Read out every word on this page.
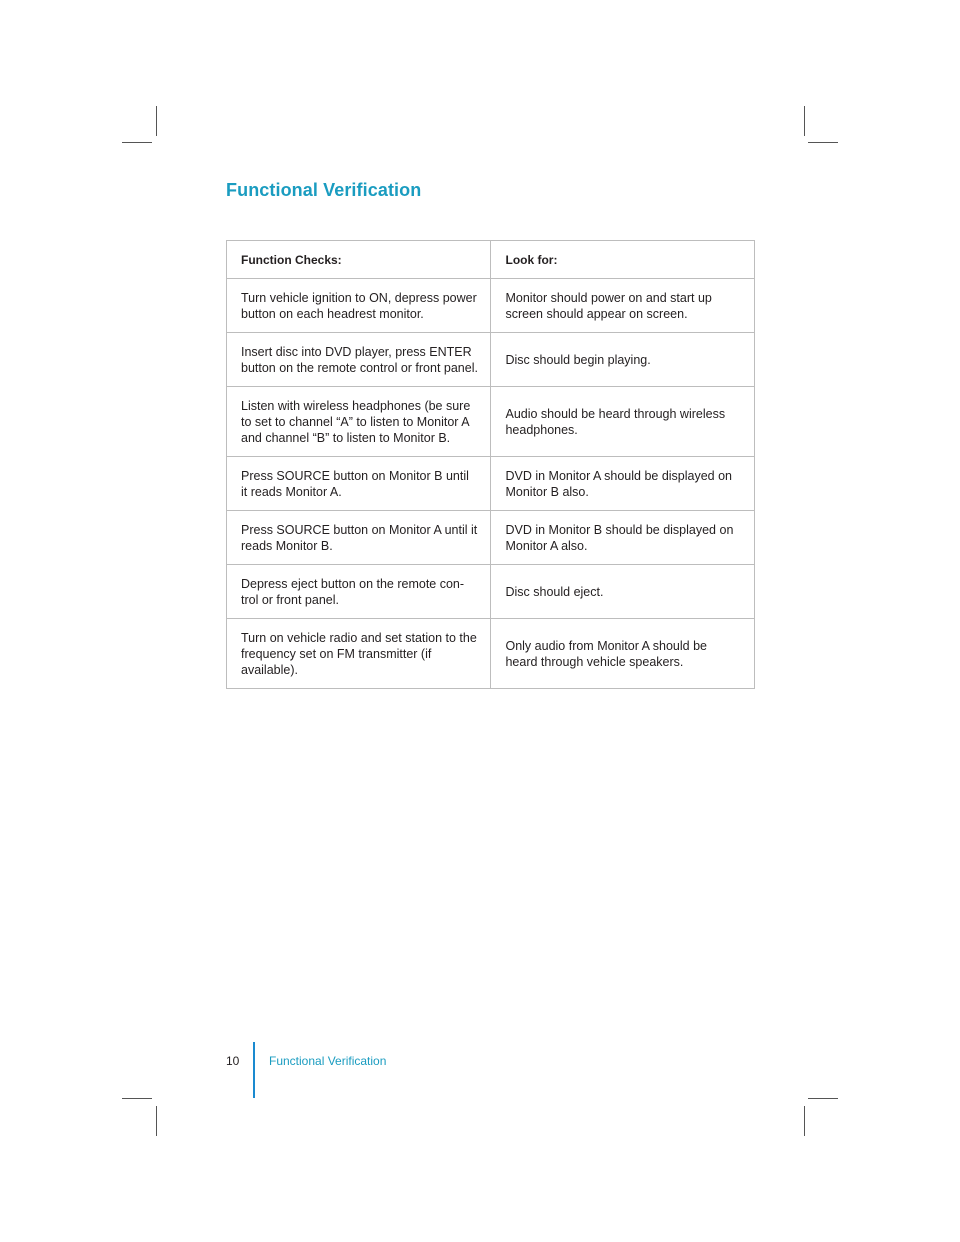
Functional Verification
Function Checks:	Look for:
Turn vehicle ignition to ON, depress power button on each headrest monitor.	Monitor should power on and start up screen should appear on screen.
Insert disc into DVD player, press ENTER button on the remote control or front panel.	Disc should begin playing.
Listen with wireless headphones (be sure to set to channel “A” to listen to Monitor A and channel “B” to listen to Monitor B.	Audio should be heard through wireless headphones.
Press SOURCE button on Monitor B until it reads Monitor A.	DVD in Monitor A should be displayed on Monitor B also.
Press SOURCE button on Monitor A until it reads Monitor B.	DVD in Monitor B should be displayed on Monitor A also.
Depress eject button on the remote con-trol or front panel.	Disc should eject.
Turn on vehicle radio and set station to the frequency set on FM transmitter (if available).	Only audio from Monitor A should be heard through vehicle speakers.
10 Functional Verification
